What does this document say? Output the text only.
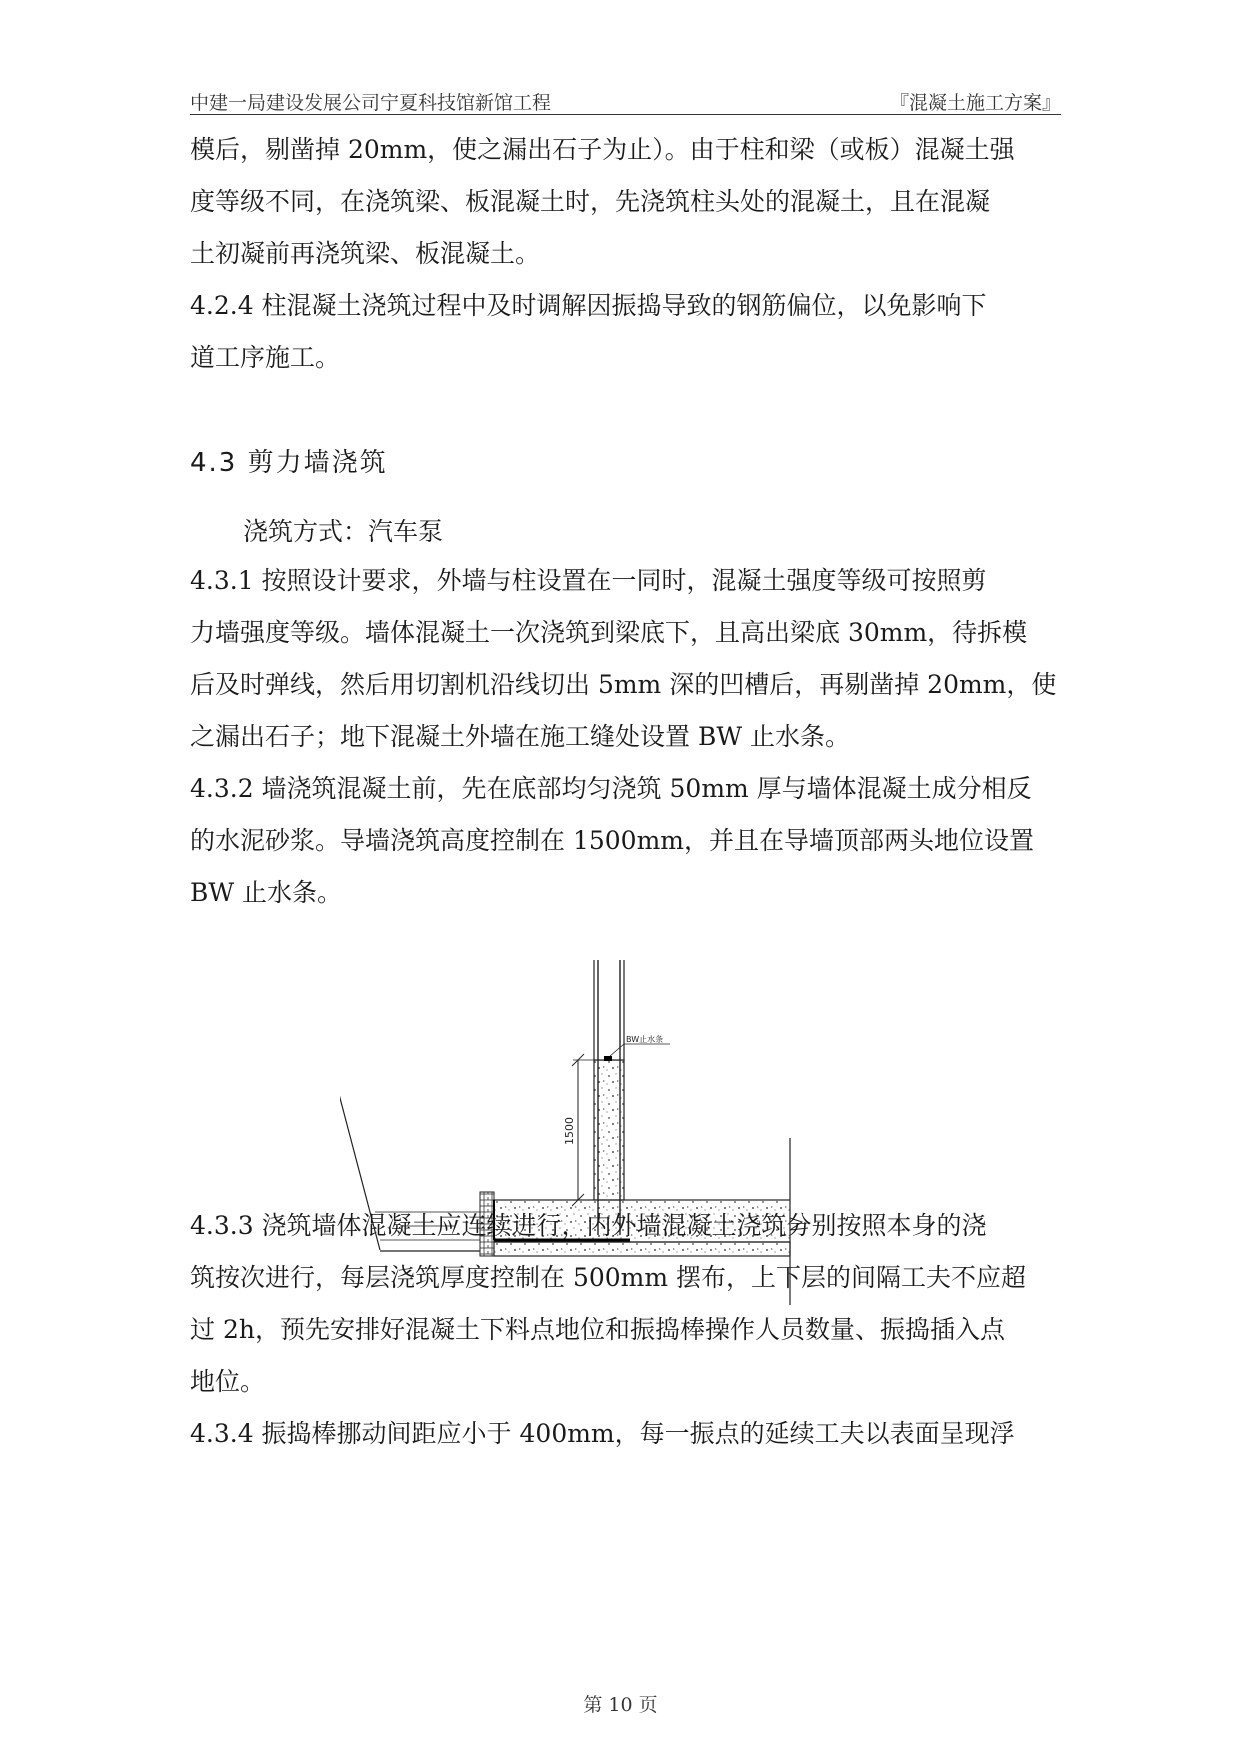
中建一局建设发展公司宁夏科技馆新馆工程	『混凝土施工方案』

模后，剔凿掉 20mm，使之漏出石子为止）。由于柱和梁（或板）混凝土强

度等级不同，在浇筑梁、板混凝土时，先浇筑柱头处的混凝土，且在混凝

土初凝前再浇筑梁、板混凝土。

4.2.4 柱混凝土浇筑过程中及时调解因振捣导致的钢筋偏位，以免影响下

道工序施工。

4.3 剪力墙浇筑
浇筑方式：汽车泵

4.3.1 按照设计要求，外墙与柱设置在一同时，混凝土强度等级可按照剪

力墙强度等级。墙体混凝土一次浇筑到梁底下，且高出梁底 30mm，待拆模

后及时弹线，然后用切割机沿线切出 5mm 深的凹槽后，再剔凿掉 20mm，使

之漏出石子；地下混凝土外墙在施工缝处设置 BW 止水条。

4.3.2 墙浇筑混凝土前，先在底部均匀浇筑 50mm 厚与墙体混凝土成分相反

的水泥砂浆。导墙浇筑高度控制在 1500mm，并且在导墙顶部两头地位设置

BW 止水条。

BW止水条
1500

4.3.3 浇筑墙体混凝土应连续进行，内外墙混凝土浇筑分别按照本身的浇

筑按次进行，每层浇筑厚度控制在 500mm 摆布，上下层的间隔工夫不应超

过 2h，预先安排好混凝土下料点地位和振捣棒操作人员数量、振捣插入点

地位。

4.3.4 振捣棒挪动间距应小于 400mm，每一振点的延续工夫以表面呈现浮

第 10 页
